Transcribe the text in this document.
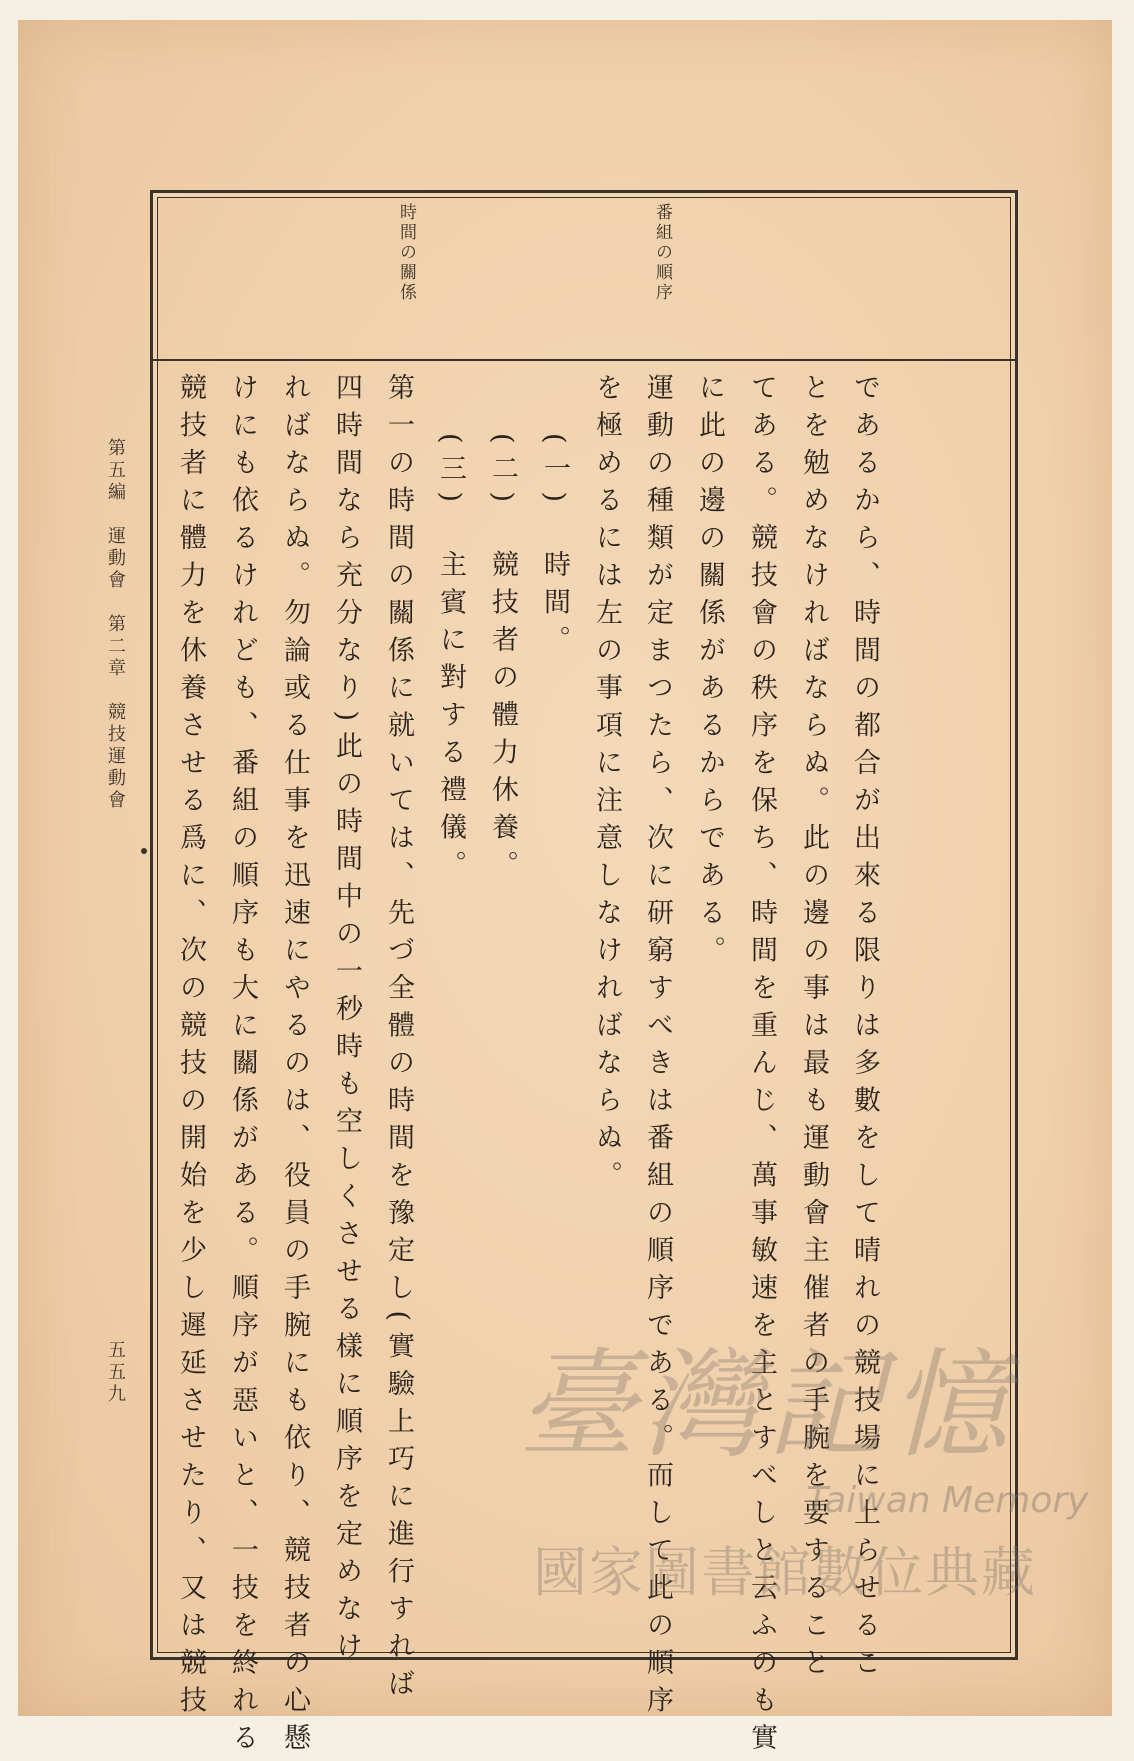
番組の順序
時間の關係
であるから、時間の都合が出來る限りは多數をして晴れの競技場に上らせるこ
とを勉めなければならぬ。此の邊の事は最も運動會主催者の手腕を要すること
てある。競技會の秩序を保ち、時間を重んじ、萬事敏速を主とすべしと云ふのも實
に此の邊の關係があるからである。
運動の種類が定まつたら、次に研窮すべきは番組の順序である。而して此の順序
を極めるには左の事項に注意しなければならぬ。
(一)　時間。
(二)　競技者の體力休養。
(三)　主賓に對する禮儀。
第一の時間の關係に就いては、先づ全體の時間を豫定し(實驗上巧に進行すれば
四時間なら充分なり)此の時間中の一秒時も空しくさせる樣に順序を定めなけ
ればならぬ。勿論或る仕事を迅速にやるのは、役員の手腕にも依り、競技者の心懸
けにも依るけれども、番組の順序も大に關係がある。順序が惡いと、一技を終れる
競技者に體力を休養させる爲に、次の競技の開始を少し遲延させたり、又は競技
第五編　運動會　第二章　競技運動會
五五九	臺灣記憶
Taiwan Memory
國家圖書館數位典藏
